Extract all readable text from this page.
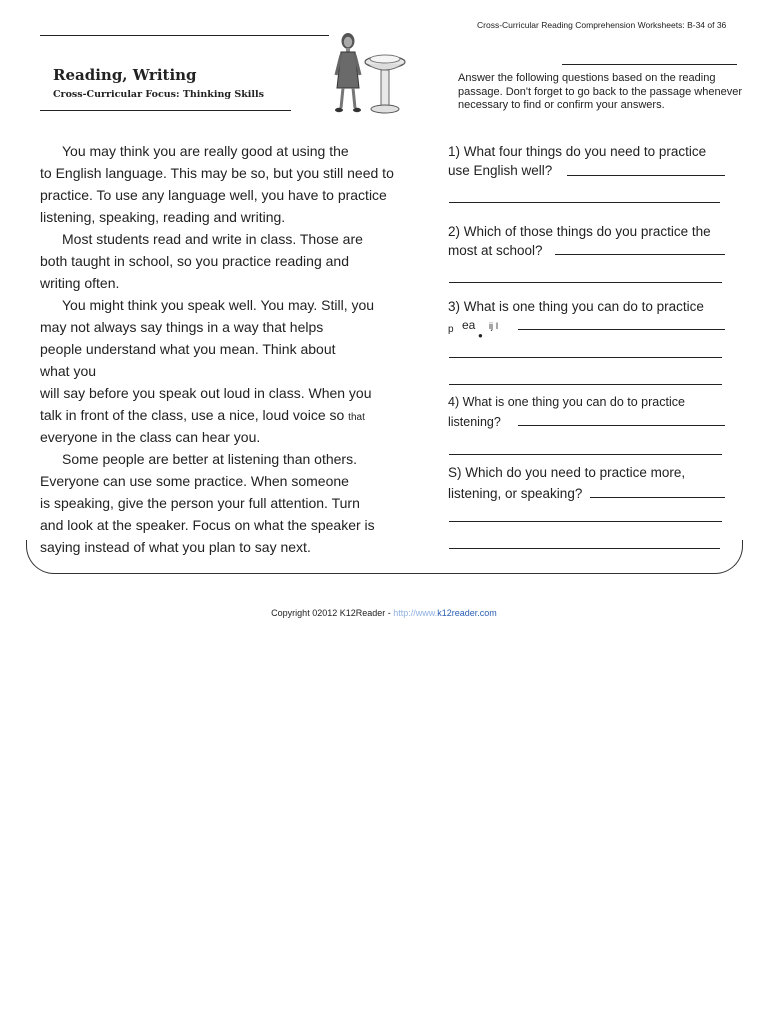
Cross-Curricular Reading Comprehension Worksheets: B-34 of 36
Reading, Writing
Cross-Curricular Focus: Thinking Skills
Answer the following questions based on the reading passage. Don't forget to go back to the passage whenever necessary to find or confirm your answers.
You may think you are really good at using the
to English language. This may be so, but you still need to
practice. To use any language well, you have to practice
listening, speaking, reading and writing.
Most students read and write in class. Those are
both taught in school, so you practice reading and
writing often.
You might think you speak well. You may. Still, you
may not always say things in a way that helps
people understand what you mean. Think about
what you
will say before you speak out loud in class. When you
talk in front of the class, use a nice, loud voice so that
everyone in the class can hear you.
Some people are better at listening than others.
Everyone can use some practice. When someone
is speaking, give the person your full attention. Turn
and look at the speaker. Focus on what the speaker is
saying instead of what you plan to say next.
1) What four things do you need to practice
use English well?
2) Which of those things do you practice the
most at school?
3) What is one thing you can do to practice
p ea
●
ij l
4) What is one thing you can do to practice
listening?
S) Which do you need to practice more,
listening, or speaking?
Copyright 02012 K12Reader - http://www.k12reader.com
